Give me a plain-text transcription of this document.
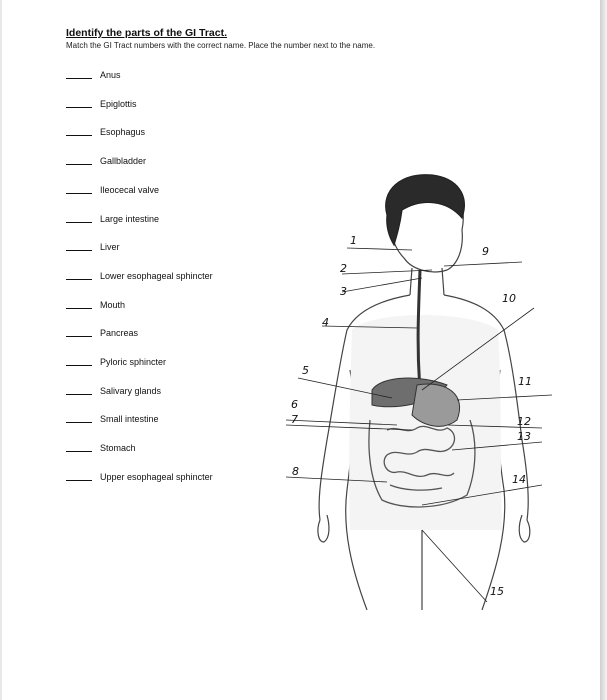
Identify the parts of the GI Tract.
Match the GI Tract numbers with the correct name. Place the number next to the name.
Anus
Epiglottis
Esophagus
Gallbladder
Ileocecal valve
Large intestine
Liver
Lower esophageal sphincter
Mouth
Pancreas
Pyloric sphincter
Salivary glands
Small intestine
Stomach
Upper esophageal sphincter
1
2
3
4
5
6
7
8
9
10
11
12
13
14
15
